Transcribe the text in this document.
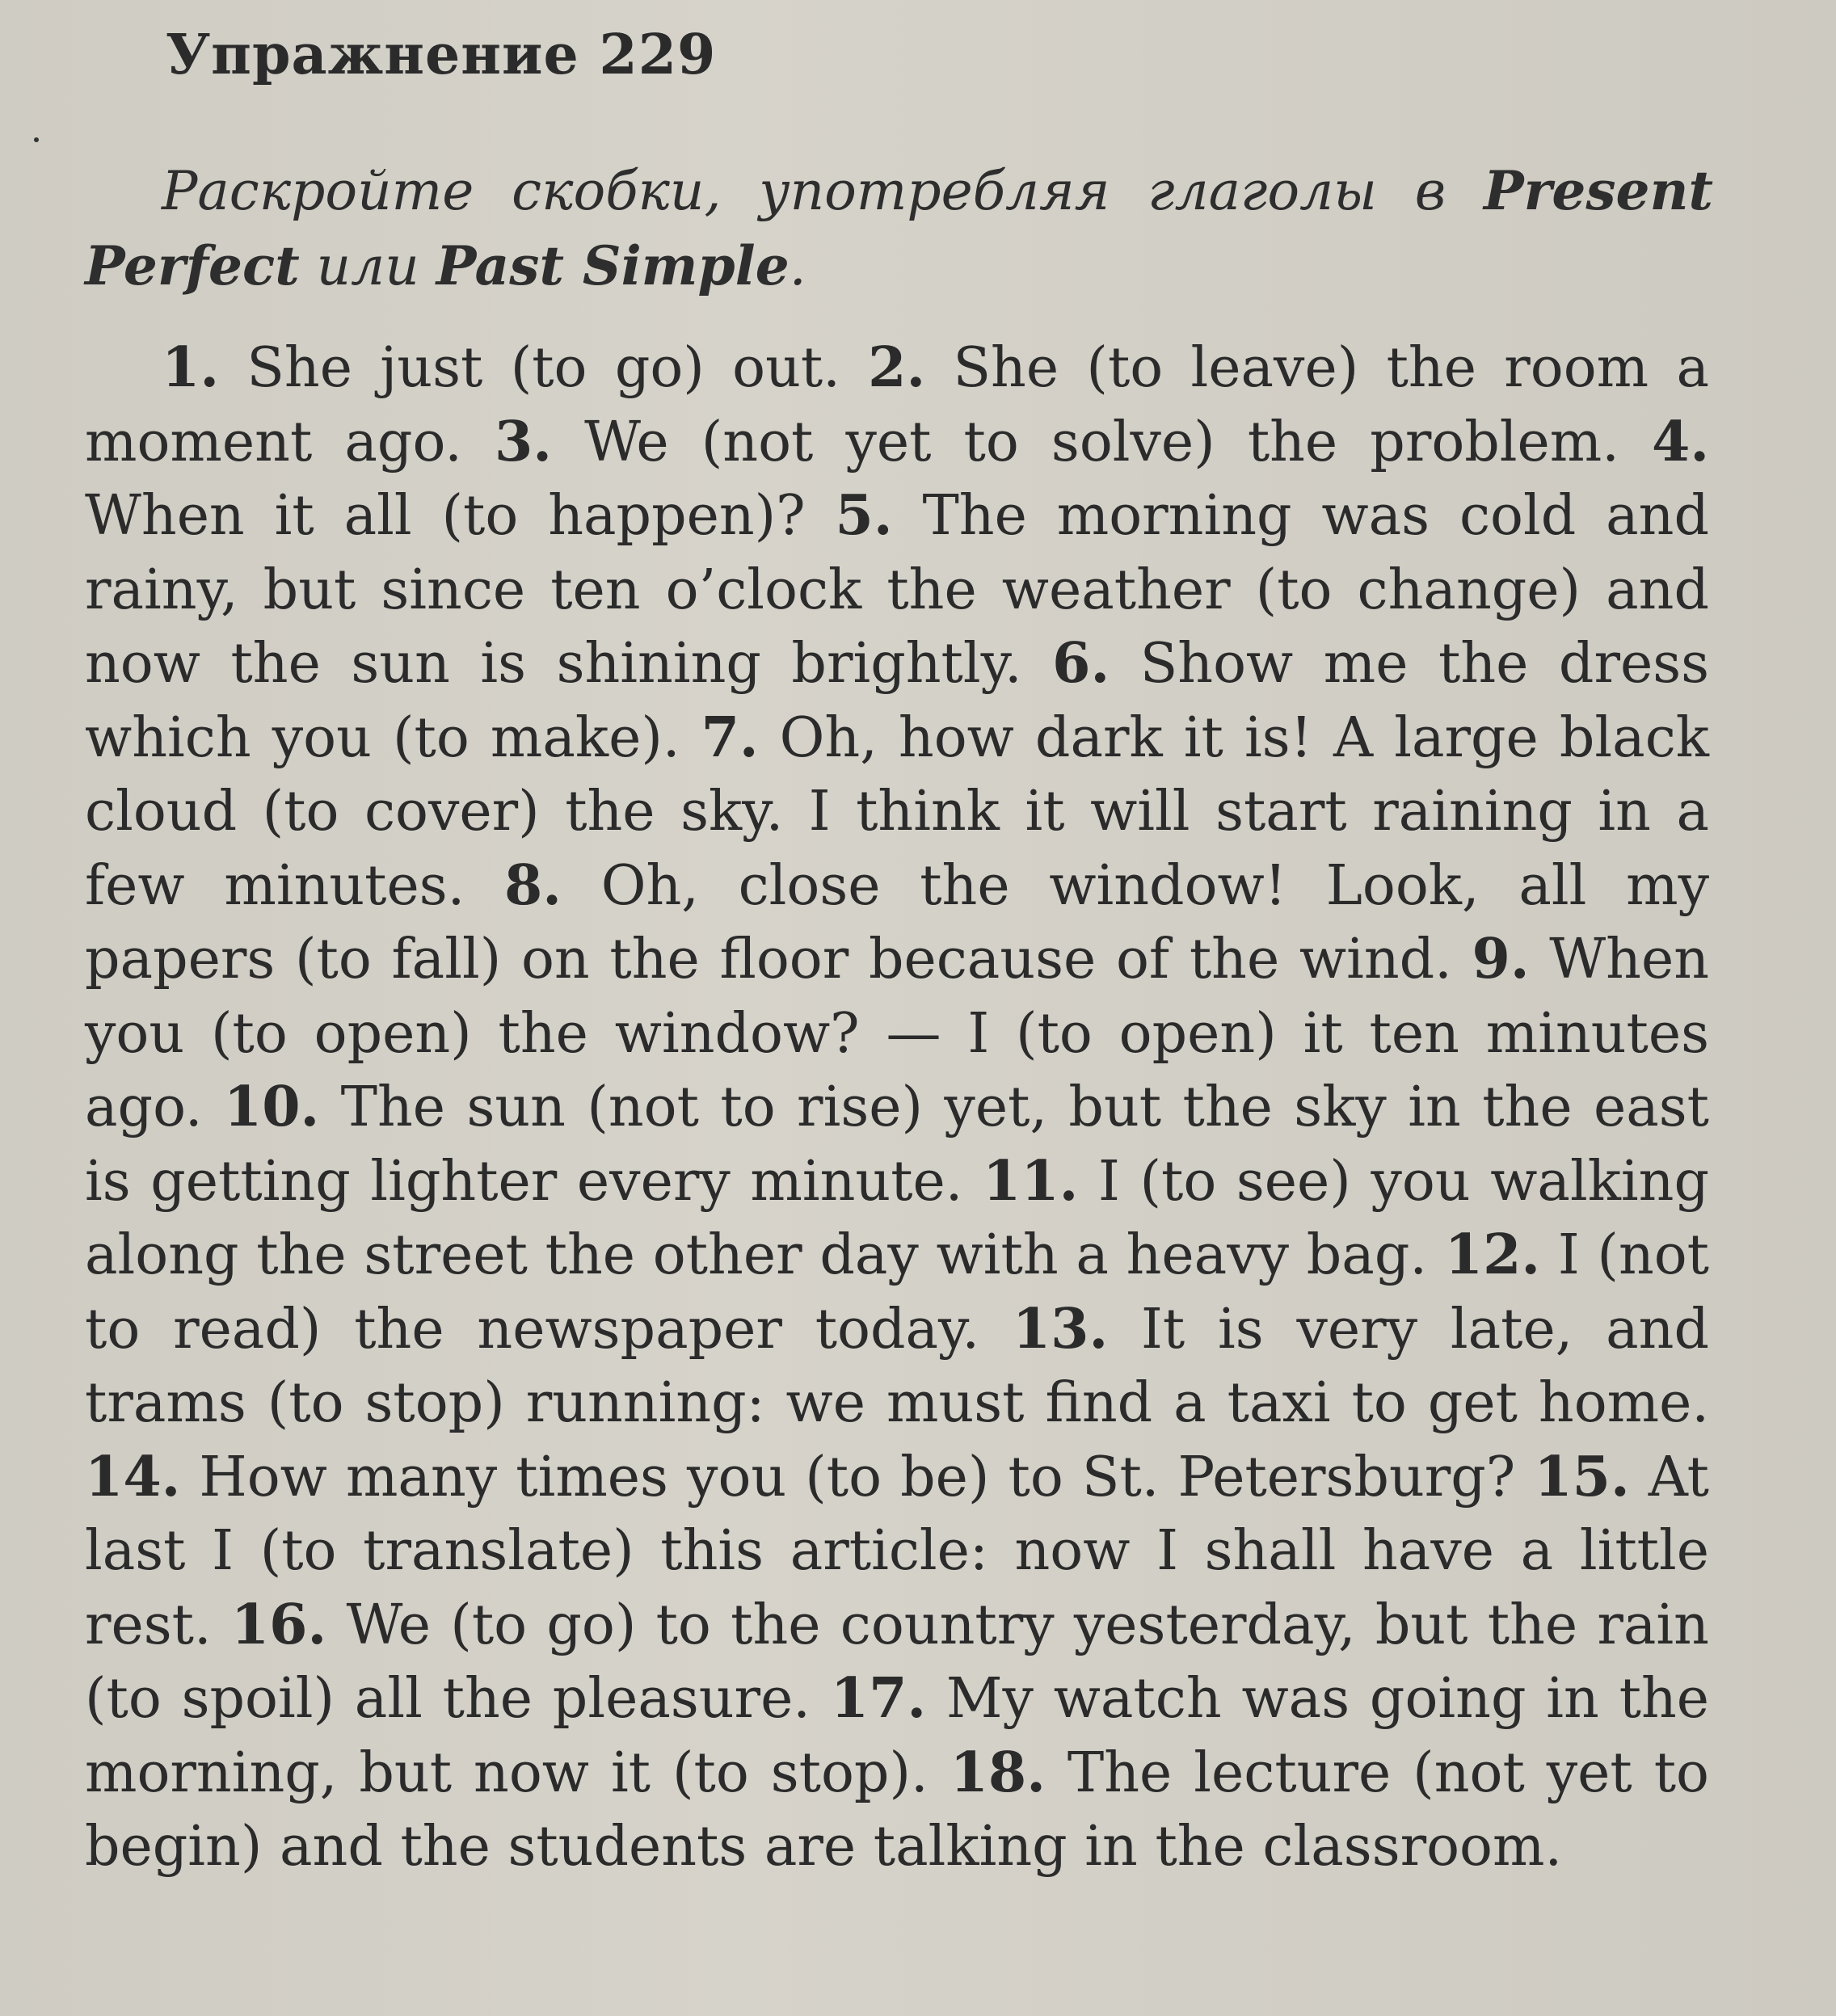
Упражнение 229
Раскройте скобки, употребляя глаголы в Present Perfect или Past Simple.
1. She just (to go) out. 2. She (to leave) the room a moment ago. 3. We (not yet to solve) the problem. 4. When it all (to happen)? 5. The morning was cold and rainy, but since ten o’clock the weather (to change) and now the sun is shining brightly. 6. Show me the dress which you (to make). 7. Oh, how dark it is! A large black cloud (to cover) the sky. I think it will start raining in a few minutes. 8. Oh, close the window! Look, all my papers (to fall) on the floor because of the wind. 9. When you (to open) the window? — I (to open) it ten minutes ago. 10. The sun (not to rise) yet, but the sky in the east is getting lighter every minute. 11. I (to see) you walking along the street the other day with a heavy bag. 12. I (not to read) the newspaper today. 13. It is very late, and trams (to stop) running: we must find a taxi to get home. 14. How many times you (to be) to St. Petersburg? 15. At last I (to translate) this article: now I shall have a little rest. 16. We (to go) to the country yesterday, but the rain (to spoil) all the pleasure. 17. My watch was going in the morning, but now it (to stop). 18. The lecture (not yet to begin) and the students are talking in the classroom.
